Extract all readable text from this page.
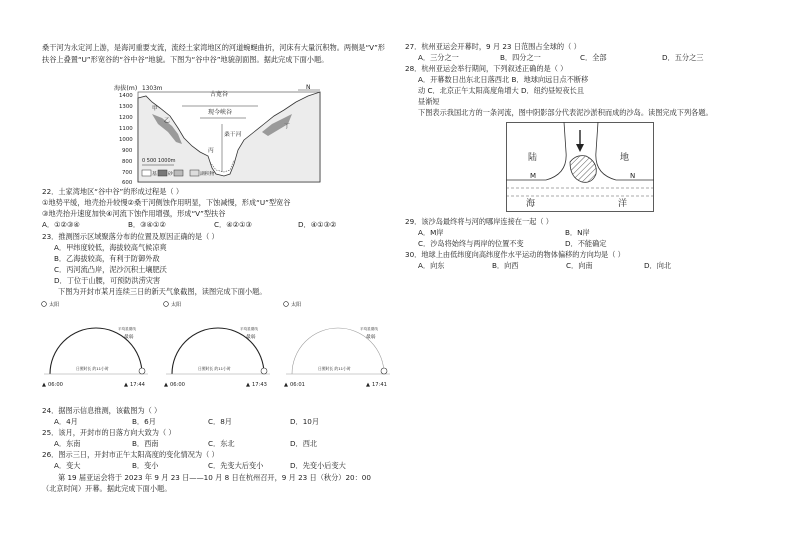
桑干河为永定河上游，是海河重要支流，流经土家湾地区的河道蜿蜒曲折，河床有大量沉积物。两侧是“V”形扶谷上叠置“U”形宽谷的“谷中谷”地貌。下图为“谷中谷”地貌剖面图。据此完成下面小题。
海拔(m) 1303m
1400
1300
1200
1100
1000
900
800
700
600
古宽谷
现今峡谷
桑干河
N
甲
乙
丙
丁
0 500 1000m
基 砂	湖积物
22．土家湾地区“谷中谷”的形成过程是（ ）
①地势平缓，地壳抬升较慢②桑干河侧蚀作用明显，下蚀减慢，形成“U”型宽谷
③地壳抬升速度加快④河流下蚀作用增强，形成“V”型扶谷
A．①②③④	B．③④①②	C．④②①③	D．④①③②
23．推测图示区域聚落分布的位置及原因正确的是（ ）
A．甲纬度较低，海拔较高气候凉爽
B．乙海拔较高，有利于防御外敌
C．丙河流凸岸，泥沙沉积土壤肥沃
D．丁位于山腰，可预防洪涝灾害
下图为开封市某月连续三日的新天气象截图，读图完成下面小题。
太阳
平均星期线
最弱
日照时长 约11小时
▲ 06:00	▲ 17:44
太阳
平均星期线
最弱
日照时长 约11小时
▲ 06:00	▲ 17:43
太阳
平均星期线
最弱
日照时长 约11小时
▲ 06:01	▲ 17:41
24．据图示信息推测，该截图为（ ）
A．4月	B．6月	C．8月	D．10月
25．该月，开封市的日落方向大致为（ ）
A．东南	B．西南	C．东北	D．西北
26．图示三日，开封市正午太阳高度的变化情况为（ ）
A．变大	B．变小	C．先变大后变小	D．先变小后变大
第 19 届亚运会将于 2023 年 9 月 23 日——10 月 8 日在杭州召开，9 月 23 日（秋分）20：00
（北京时间）开幕。据此完成下面小题。
27．杭州亚运会开幕时，9 月 23 日范围占全球的（ ）
A．三分之一	B．四分之一	C．全部	D．五分之三
28．杭州亚运会举行期间，下列叙述正确的是（ ）
A．开幕数日出东北日落西北 B．地球向远日点不断移
动 C．北京正午太阳高度角增大 D．纽约昼短夜长且
昼渐短
下图表示我国北方的一条河流，图中阴影部分代表泥沙淤积而成的沙岛。读图完成下列各题。
陆	地
M	N
海	洋
29．该沙岛最终将与河的哪岸连接在一起（ ）
A．M岸	B．N岸
C．沙岛将始终与两岸的位置不变	D．不能确定
30．地球上由低纬度向高纬度作水平运动的物体偏移的方向均是（ ）
A．向东	B．向西	C．向南	D．向北
